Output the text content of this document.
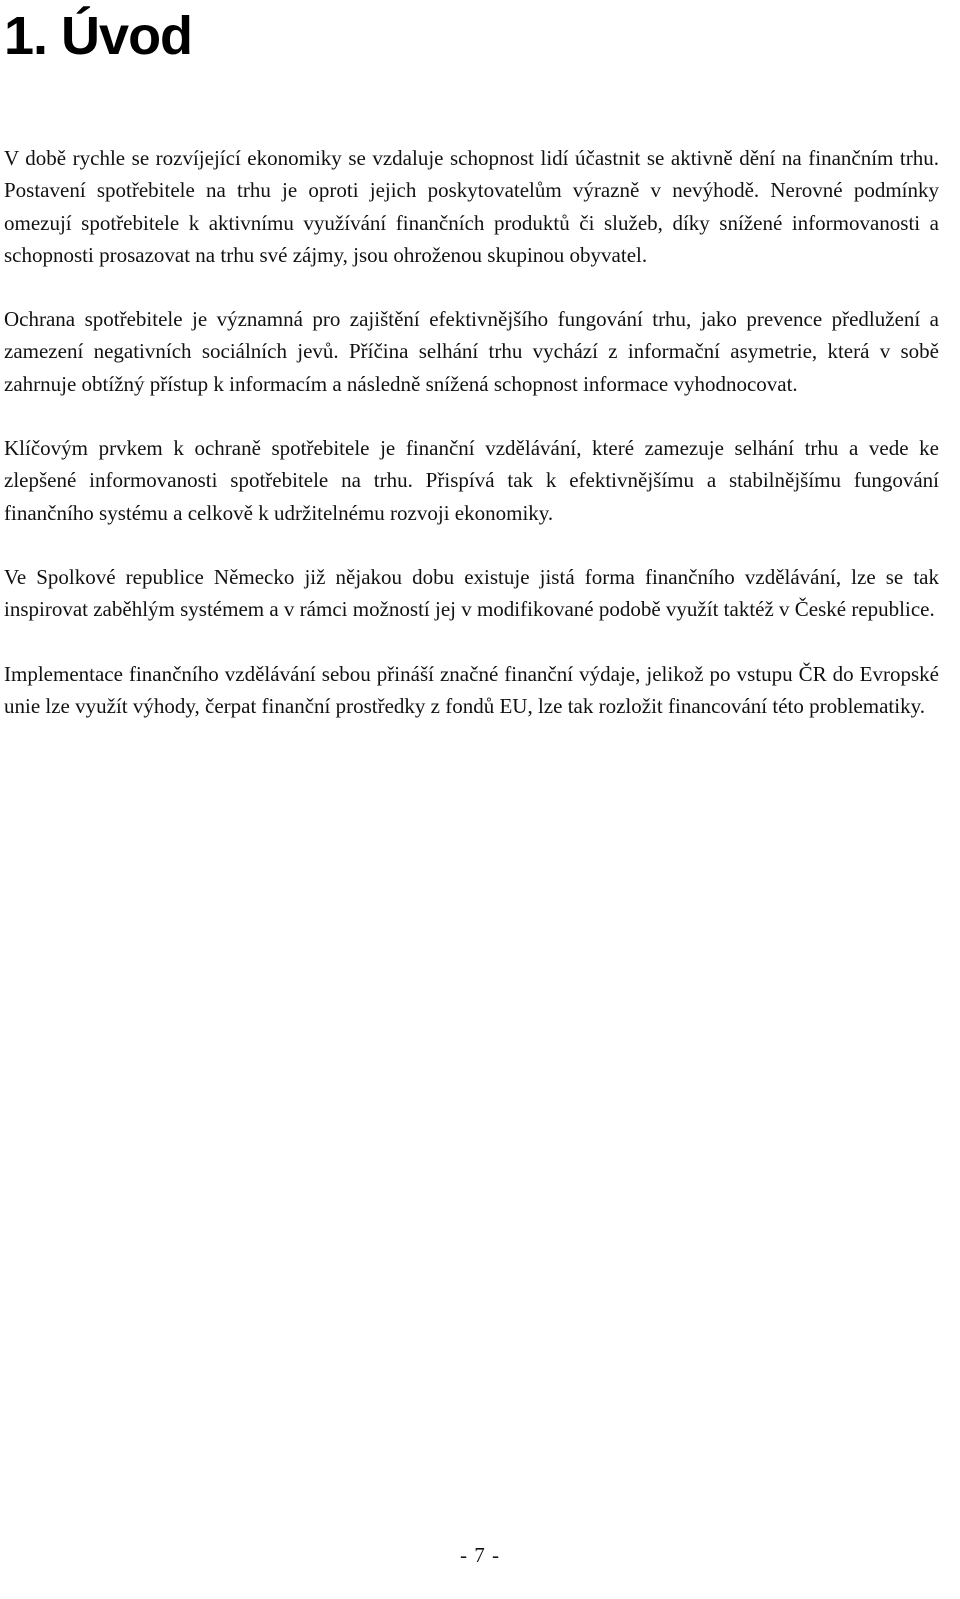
1. Úvod

V době rychle se rozvíjející ekonomiky se vzdaluje schopnost lidí účastnit se aktivně dění na finančním trhu. Postavení spotřebitele na trhu je oproti jejich poskytovatelům výrazně v nevýhodě. Nerovné podmínky omezují spotřebitele k aktivnímu využívání finančních produktů či služeb, díky snížené informovanosti a schopnosti prosazovat na trhu své zájmy, jsou ohroženou skupinou obyvatel.

Ochrana spotřebitele je významná pro zajištění efektivnějšího fungování trhu, jako prevence předlužení a zamezení negativních sociálních jevů. Příčina selhání trhu vychází z informační asymetrie, která v sobě zahrnuje obtížný přístup k informacím a následně snížená schopnost informace vyhodnocovat.

Klíčovým prvkem k ochraně spotřebitele je finanční vzdělávání, které zamezuje selhání trhu a vede ke zlepšené informovanosti spotřebitele na trhu. Přispívá tak k efektivnějšímu a stabilnějšímu fungování finančního systému a celkově k udržitelnému rozvoji ekonomiky.

Ve Spolkové republice Německo již nějakou dobu existuje jistá forma finančního vzdělávání, lze se tak inspirovat zaběhlým systémem a v rámci možností jej v modifikované podobě využít taktéž v České republice.

Implementace finančního vzdělávání sebou přináší značné finanční výdaje, jelikož po vstupu ČR do Evropské unie lze využít výhody, čerpat finanční prostředky z fondů EU, lze tak rozložit financování této problematiky.

- 7 -
